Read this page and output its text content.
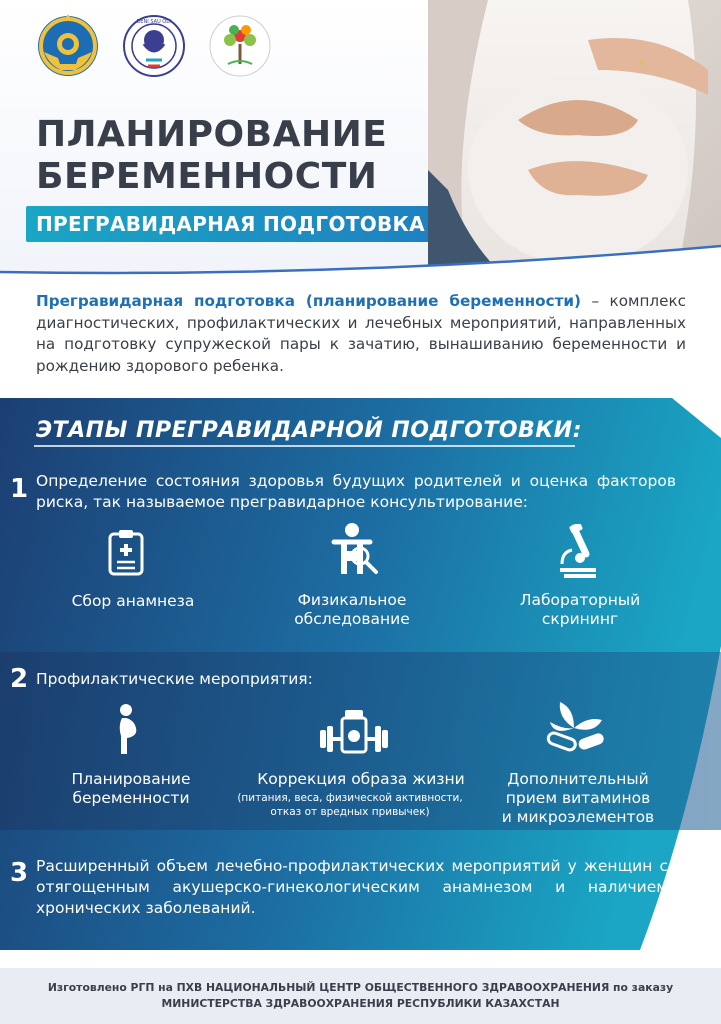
DENI SAU OLY
ПЛАНИРОВАНИЕ
БЕРЕМЕННОСТИ
ПРЕГРАВИДАРНАЯ ПОДГОТОВКА
Прегравидарная подготовка (планирование беременности) – комплекс диагностических, профилактических и лечебных мероприятий, направленных на подготовку супружеской пары к зачатию, вынашиванию беременности и рождению здорового ребенка.
ЭТАПЫ ПРЕГРАВИДАРНОЙ ПОДГОТОВКИ:
1 Определение состояния здоровья будущих родителей и оценка факторов риска, так называемое прегравидарное консультирование:
Сбор анамнеза	Физикальное
обследование
Лабораторный
скрининг
2 Профилактические мероприятия:
Планирование
беременности
Коррекция образа жизни
(питания, веса, физической активности,
отказ от вредных привычек)
Дополнительный
прием витаминов
и микроэлементов
3 Расширенный объем лечебно-профилактических мероприятий у женщин с отягощенным акушерско-гинекологическим анамнезом и наличием хронических заболеваний.
Изготовлено РГП на ПХВ НАЦИОНАЛЬНЫЙ ЦЕНТР ОБЩЕСТВЕННОГО ЗДРАВООХРАНЕНИЯ по заказу
МИНИСТЕРСТВА ЗДРАВООХРАНЕНИЯ РЕСПУБЛИКИ КАЗАХСТАН
